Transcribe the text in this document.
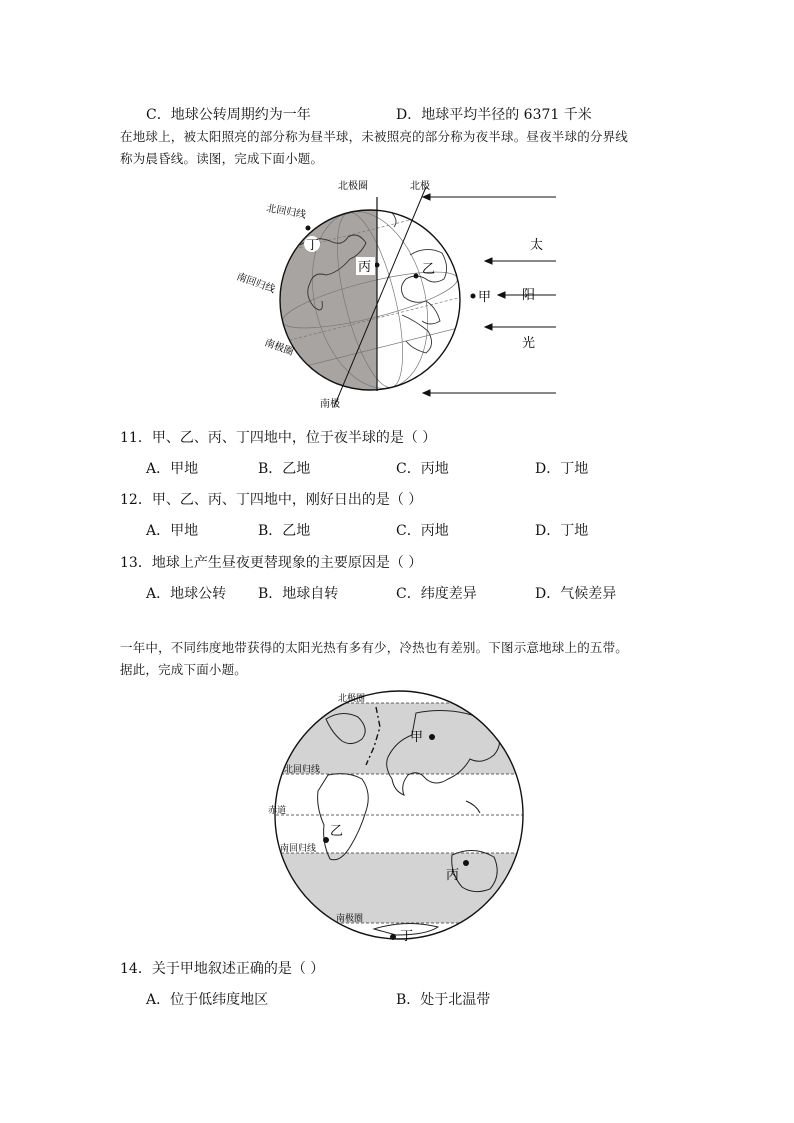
C．地球公转周期约为一年	D．地球平均半径的 6371 千米
在地球上，被太阳照亮的部分称为昼半球，未被照亮的部分称为夜半球。昼夜半球的分界线
称为晨昏线。读图，完成下面小题。
太
阳
光
北极圈	北极
北回归线
南回归线
南极圈
南极
丁
丙	乙
甲
11．甲、乙、丙、丁四地中，位于夜半球的是（ ）
A．甲地	B．乙地	C．丙地	D．丁地
12．甲、乙、丙、丁四地中，刚好日出的是（ ）
A．甲地	B．乙地	C．丙地	D．丁地
13．地球上产生昼夜更替现象的主要原因是（ ）
A．地球公转 B．地球自转	C．纬度差异	D．气候差异
一年中，不同纬度地带获得的太阳光热有多有少，冷热也有差别。下图示意地球上的五带。
据此，完成下面小题。
北极圈
北回归线
赤道
南回归线
南极圈
甲
乙
丙
丁
14．关于甲地叙述正确的是（ ）
A．位于低纬度地区	B．处于北温带
